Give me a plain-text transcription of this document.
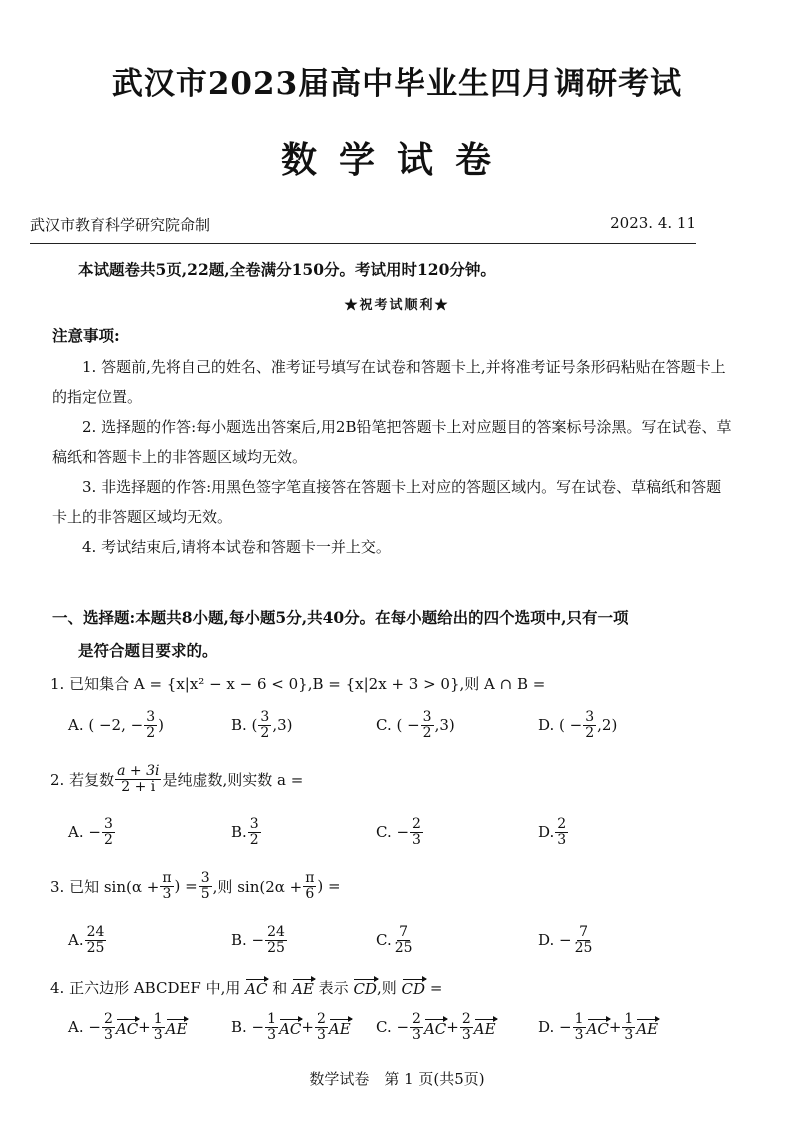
武汉市2023届高中毕业生四月调研考试
数学试卷
武汉市教育科学研究院命制	2023. 4. 11
本试题卷共5页,22题,全卷满分150分。考试用时120分钟。
★祝考试顺利★
注意事项:

1. 答题前,先将自己的姓名、准考证号填写在试卷和答题卡上,并将准考证号条形码粘贴在答题卡上的指定位置。

2. 选择题的作答:每小题选出答案后,用2B铅笔把答题卡上对应题目的答案标号涂黑。写在试卷、草稿纸和答题卡上的非答题区域均无效。

3. 非选择题的作答:用黑色签字笔直接答在答题卡上对应的答题区域内。写在试卷、草稿纸和答题卡上的非答题区域均无效。

4. 考试结束后,请将本试卷和答题卡一并上交。

一、选择题:本题共8小题,每小题5分,共40分。在每小题给出的四个选项中,只有一项
是符合题目要求的。
1. 已知集合 A = {x|x² − x − 6 < 0},B = {x|2x + 3 > 0},则 A ∩ B =
A. ( −2, − $\frac{3}{2}$ )	B. ( $\frac{3}{2} ,3$)	C. ( − $\frac{3}{2} ,3$)	D. ( − $\frac{3}{2} ,2$)
2. 若复数 $\frac{a + 3i}{2 + i}$ 是纯虚数,则实数 a =
A. − $\frac{3}{2}$	B. $\frac{3}{2}$	C. − $\frac{2}{3}$	D. $\frac{2}{3}$
3. 已知 $\sin(\alpha + \frac{\pi}{3}$ ) = $\frac{3}{5}$ ,则 $\sin(2\alpha + \frac{\pi}{6}$ ) =
A. $\frac{24}{25}$	B. − $\frac{24}{25}$	C. $\frac{7}{25}$	D. − $\frac{7}{25}$
4. 正六边形 ABCDEF 中,用
AC
和
AE
表示
CD ,则
CD
=
A. − $\frac{2}{3}$ AC + $\frac{1}{3}$ AE	B. − $\frac{1}{3}$ AC + $\frac{2}{3}$ AE C. − $\frac{2}{3}$ AC + $\frac{2}{3}$ AE	D. − $\frac{1}{3}$ AC + $\frac{1}{3}$ AE
数学试卷　第 1 页(共5页)
